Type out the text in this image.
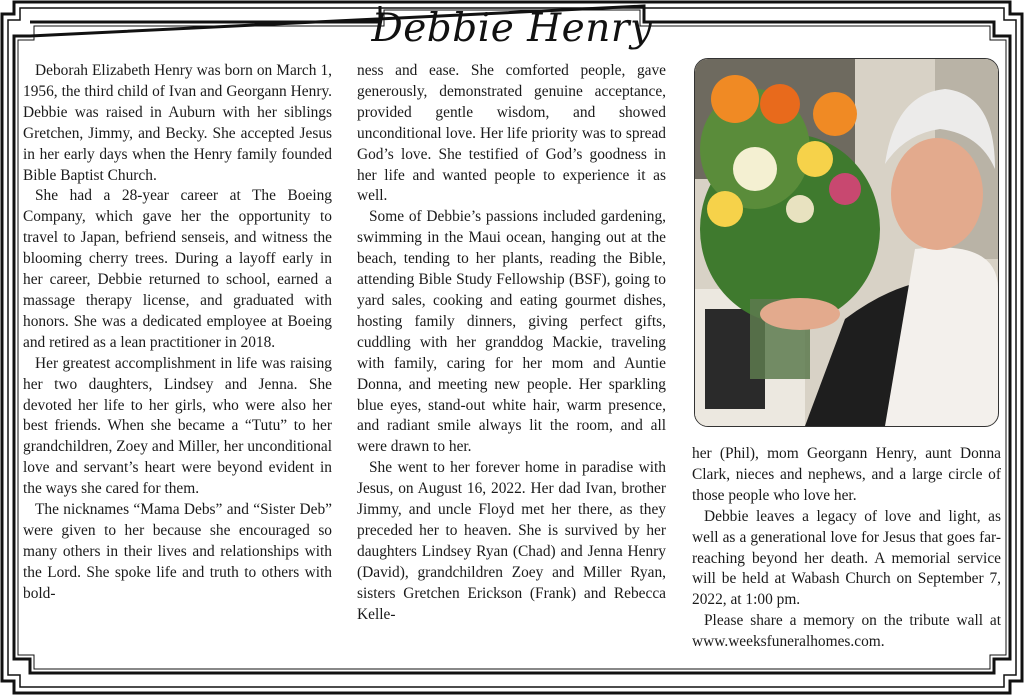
Debbie Henry

Deborah Elizabeth Henry was born on March 1, 1956, the third child of Ivan and Georgann Henry. Debbie was raised in Auburn with her siblings Gretchen, Jimmy, and Becky. She accepted Jesus in her early days when the Henry family founded Bible Baptist Church.

She had a 28-year career at The Boeing Company, which gave her the opportunity to travel to Japan, befriend senseis, and witness the blooming cherry trees. During a layoff early in her career, Debbie returned to school, earned a massage therapy license, and graduated with honors. She was a dedicated employee at Boeing and retired as a lean practitioner in 2018.

Her greatest accomplishment in life was raising her two daughters, Lindsey and Jenna. She devoted her life to her girls, who were also her best friends. When she became a “Tutu” to her grandchildren, Zoey and Miller, her unconditional love and servant’s heart were beyond evident in the ways she cared for them.

The nicknames “Mama Debs” and “Sister Deb” were given to her because she encouraged so many others in their lives and relationships with the Lord. She spoke life and truth to others with bold-

ness and ease. She comforted people, gave generously, demonstrated genuine acceptance, provided gentle wisdom, and showed unconditional love. Her life priority was to spread God’s love. She testified of God’s goodness in her life and wanted people to experience it as well.

Some of Debbie’s passions included gardening, swimming in the Maui ocean, hanging out at the beach, tending to her plants, reading the Bible, attending Bible Study Fellowship (BSF), going to yard sales, cooking and eating gourmet dishes, hosting family dinners, giving perfect gifts, cuddling with her granddog Mackie, traveling with family, caring for her mom and Auntie Donna, and meeting new people. Her sparkling blue eyes, stand-out white hair, warm presence, and radiant smile always lit the room, and all were drawn to her.

She went to her forever home in paradise with Jesus, on August 16, 2022. Her dad Ivan, brother Jimmy, and uncle Floyd met her there, as they preceded her to heaven. She is survived by her daughters Lindsey Ryan (Chad) and Jenna Henry (David), grandchildren Zoey and Miller Ryan, sisters Gretchen Erickson (Frank) and Rebecca Kelle-

her (Phil), mom Georgann Henry, aunt Donna Clark, nieces and nephews, and a large circle of those people who love her.

Debbie leaves a legacy of love and light, as well as a generational love for Jesus that goes far-reaching beyond her death. A memorial service will be held at Wabash Church on September 7, 2022, at 1:00 pm.

Please share a memory on the tribute wall at www.weeksfuneralhomes.com.
